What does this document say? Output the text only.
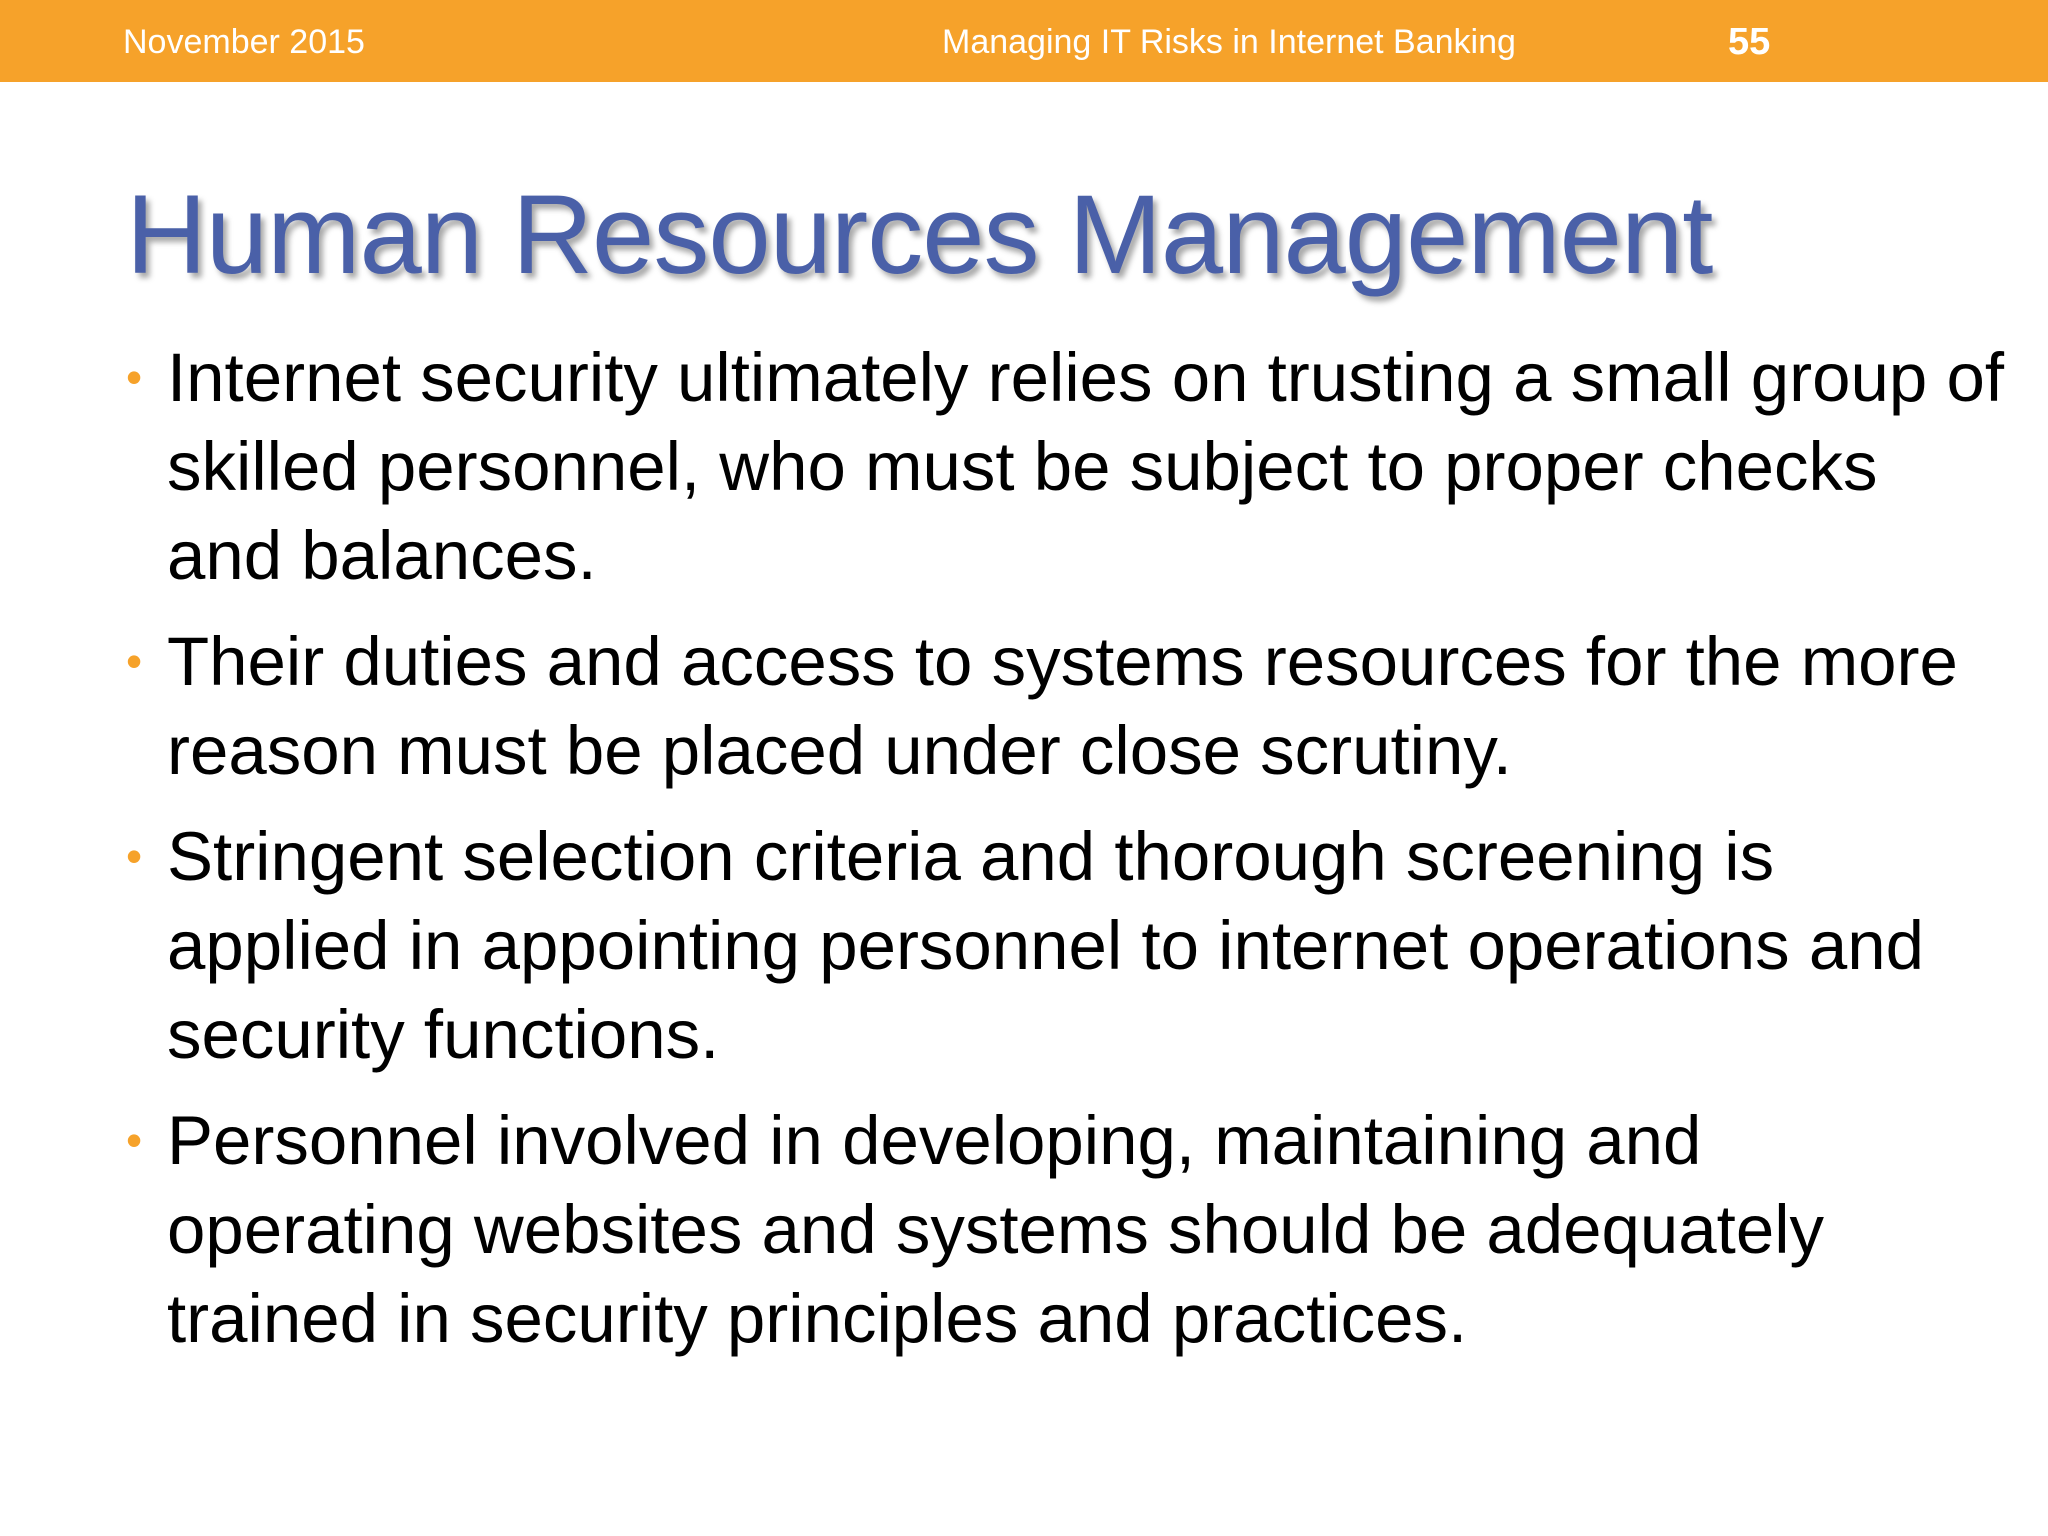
November 2015	Managing IT Risks in Internet Banking	55
Human Resources Management
• Internet security ultimately relies on trusting a small group of skilled personnel, who must be subject to proper checks and balances.
• Their duties and access to systems resources for the more reason must be placed under close scrutiny.
• Stringent selection criteria and thorough screening is applied in appointing personnel to internet operations and security functions.
• Personnel involved in developing, maintaining and operating websites and systems should be adequately trained in security principles and practices.
